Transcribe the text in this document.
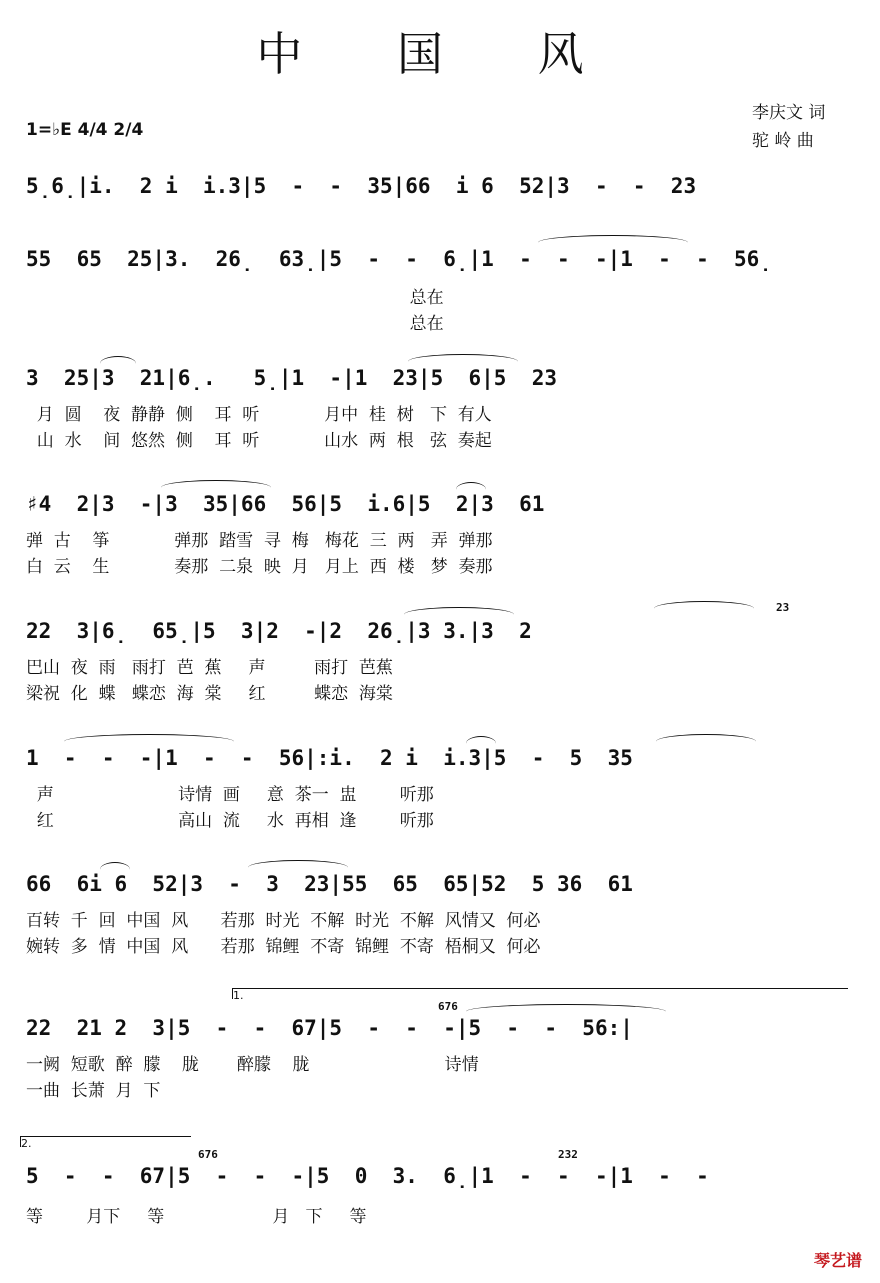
中 国 风
李庆文 词
驼 岭 曲
1=♭E 4/4 2/4
5̣6̣|i.  2 i  i.3|5  -  -  35|66  i 6  52|3  -  -  23
55  65  25|3.  26̣  63̣|5  -  -  6̣|1  -  -  -|1  -  -  56̣
总在
总在
3  25|3  21|6̣.   5̣|1  -|1  23|5  6|5  23
月  圆    夜  静静  侧    耳  听            月中  桂  树   下  有人
山  水    间  悠然  侧    耳  听            山水  两  根   弦  奏起
♯4  2|3  -|3  35|66  56|5  i.6|5  2|3  61
弹  古    筝            弹那  踏雪  寻  梅   梅花  三  两   弄  弹那
白  云    生            奏那  二泉  映  月   月上  西  楼   梦  奏那
22  3|6̣  65̣|5  3|2  -|2  26̣|3 3.|3  2
23
巴山  夜  雨   雨打  芭  蕉     声         雨打  芭蕉
梁祝  化  蝶   蝶恋  海  棠     红         蝶恋  海棠
1  -  -  -|1  -  -  56|:i.  2 i  i.3|5  -  5  35
声                       诗情  画     意  茶一  盅        听那
红                       高山  流     水  再相  逢        听那
66  6i 6  52|3  -  3  23|55  65  65|52  5 36  61
百转  千  回  中国  风      若那  时光  不解  时光  不解  风情又  何必
婉转  多  情  中国  风      若那  锦鲤  不寄  锦鲤  不寄  梧桐又  何必
1.
676
22  21 2  3|5  -  -  67|5  -  -  -|5  -  -  56:|
一阙  短歌  醉  朦    胧       醉朦    胧                         诗情
一曲  长萧  月  下
2.
676	232
5  -  -  67|5  -  -  -|5  0  3.  6̣|1  -  -  -|1  -  -
等        月下     等                    月   下     等
琴艺谱
